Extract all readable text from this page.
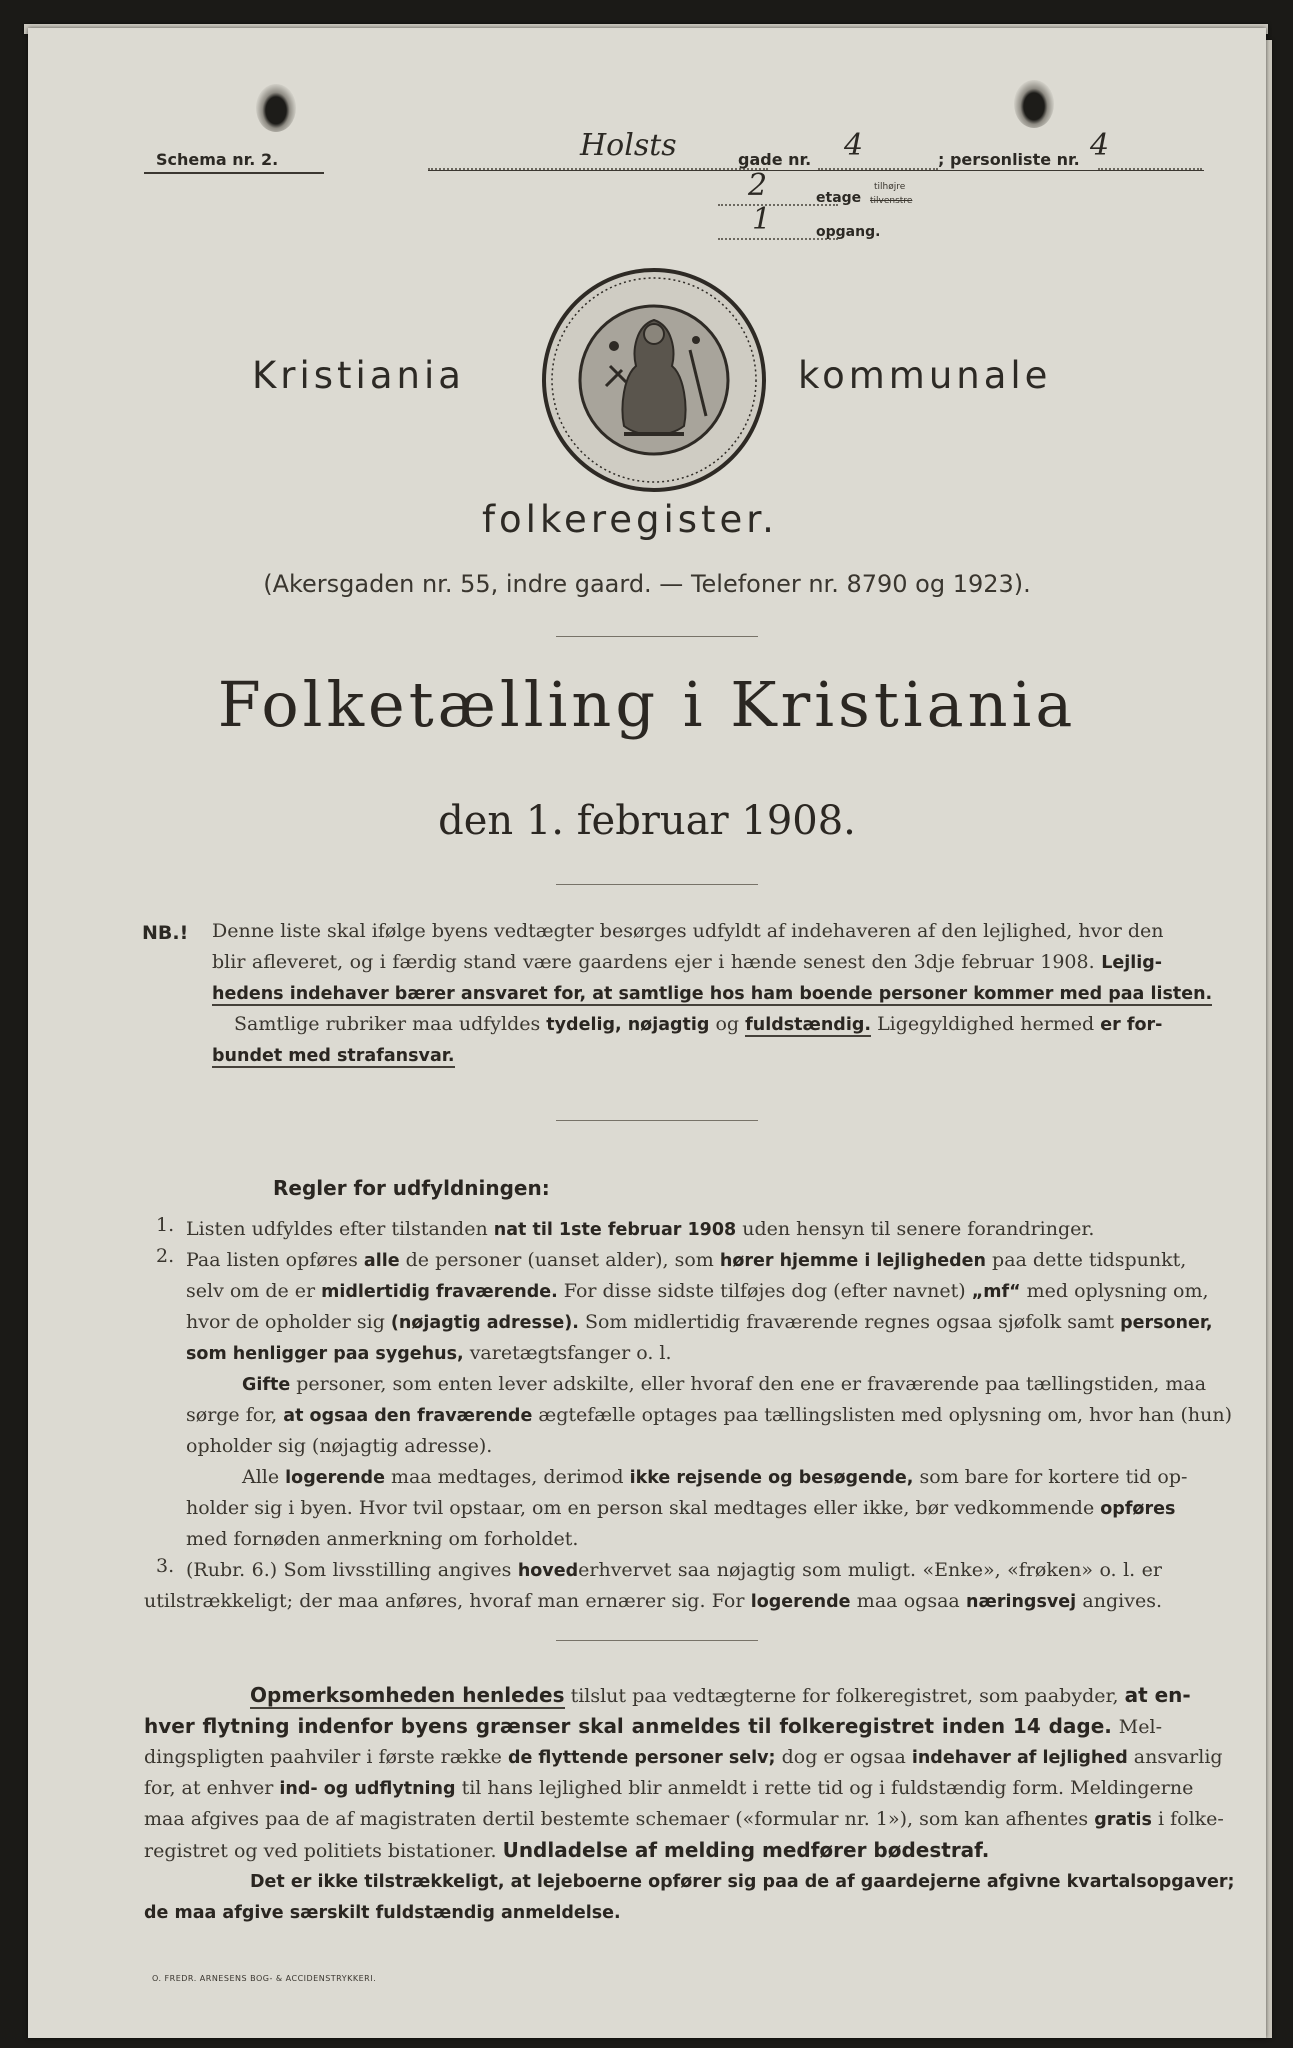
Schema nr. 2.	Holsts	gade nr. 4	; personliste nr. 4
2	etage
tilhøjre
tilvenstre
1	opgang.
Kristiania	kommunale
folkeregister.
(Akersgaden nr. 55, indre gaard. — Telefoner nr. 8790 og 1923).
Folketælling i Kristiania
den 1. februar 1908.
NB.! Denne liste skal ifølge byens vedtægter besørges udfyldt af indehaveren af den lejlighed, hvor den
blir afleveret, og i færdig stand være gaardens ejer i hænde senest den 3dje februar 1908. Lejlig-
hedens indehaver bærer ansvaret for, at samtlige hos ham boende personer kommer med paa listen.
Samtlige rubriker maa udfyldes tydelig, nøjagtig og fuldstændig. Ligegyldighed hermed er for-
bundet med strafansvar.
Regler for udfyldningen:
1. Listen udfyldes efter tilstanden nat til 1ste februar 1908 uden hensyn til senere forandringer.
2. Paa listen opføres alle de personer (uanset alder), som hører hjemme i lejligheden paa dette tidspunkt,
selv om de er midlertidig fraværende. For disse sidste tilføjes dog (efter navnet) „mf“ med oplysning om,
hvor de opholder sig (nøjagtig adresse). Som midlertidig fraværende regnes ogsaa sjøfolk samt personer,
som henligger paa sygehus, varetægtsfanger o. l.
Gifte personer, som enten lever adskilte, eller hvoraf den ene er fraværende paa tællingstiden, maa
sørge for, at ogsaa den fraværende ægtefælle optages paa tællingslisten med oplysning om, hvor han (hun)
opholder sig (nøjagtig adresse).
Alle logerende maa medtages, derimod ikke rejsende og besøgende, som bare for kortere tid op-
holder sig i byen. Hvor tvil opstaar, om en person skal medtages eller ikke, bør vedkommende opføres
med fornøden anmerkning om forholdet.
3. (Rubr. 6.) Som livsstilling angives hovederhvervet saa nøjagtig som muligt. «Enke», «frøken» o. l. er
utilstrækkeligt; der maa anføres, hvoraf man ernærer sig. For logerende maa ogsaa næringsvej angives.
Opmerksomheden henledes tilslut paa vedtægterne for folkeregistret, som paabyder, at en-
hver flytning indenfor byens grænser skal anmeldes til folkeregistret inden 14 dage. Mel-
dingspligten paahviler i første række de flyttende personer selv; dog er ogsaa indehaver af lejlighed ansvarlig
for, at enhver ind- og udflytning til hans lejlighed blir anmeldt i rette tid og i fuldstændig form. Meldingerne
maa afgives paa de af magistraten dertil bestemte schemaer («formular nr. 1»), som kan afhentes gratis i folke-
registret og ved politiets bistationer. Undladelse af melding medfører bødestraf.
Det er ikke tilstrækkeligt, at lejeboerne opfører sig paa de af gaardejerne afgivne kvartalsopgaver;
de maa afgive særskilt fuldstændig anmeldelse.
O. FREDR. ARNESENS BOG- & ACCIDENSTRYKKERI.
